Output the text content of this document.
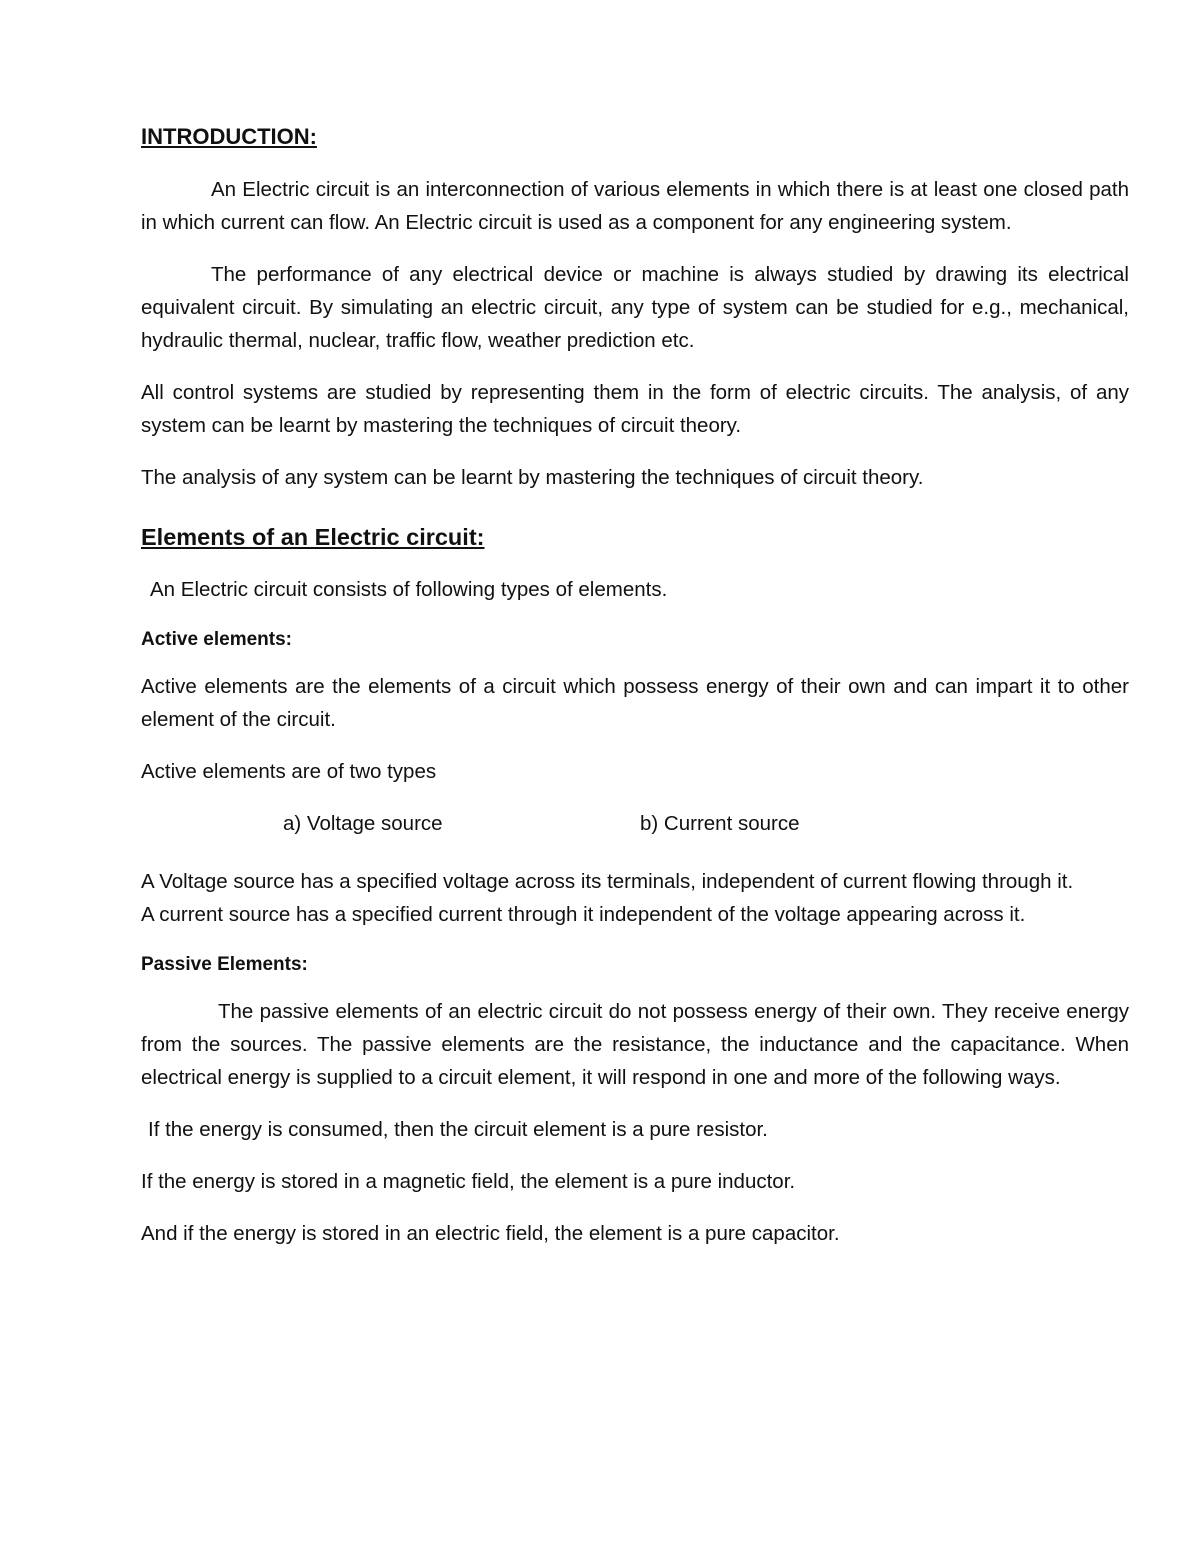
INTRODUCTION:

An Electric circuit is an interconnection of various elements in which there is at least one closed path in which current can flow. An Electric circuit is used as a component for any engineering system.

The performance of any electrical device or machine is always studied by drawing its electrical equivalent circuit. By simulating an electric circuit, any type of system can be studied for e.g., mechanical, hydraulic thermal, nuclear, traffic flow, weather prediction etc.

All control systems are studied by representing them in the form of electric circuits. The analysis, of any system can be learnt by mastering the techniques of circuit theory.

The analysis of any system can be learnt by mastering the techniques of circuit theory.

Elements of an Electric circuit:

An Electric circuit consists of following types of elements.

Active elements:

Active elements are the elements of a circuit which possess energy of their own and can impart it to other element of the circuit.

Active elements are of two types

a) Voltage source	b) Current source

A Voltage source has a specified voltage across its terminals, independent of current flowing through it.

A current source has a specified current through it independent of the voltage appearing across it.

Passive Elements:

The passive elements of an electric circuit do not possess energy of their own. They receive energy from the sources. The passive elements are the resistance, the inductance and the capacitance. When electrical energy is supplied to a circuit element, it will respond in one and more of the following ways.

If the energy is consumed, then the circuit element is a pure resistor.

If the energy is stored in a magnetic field, the element is a pure inductor.

And if the energy is stored in an electric field, the element is a pure capacitor.
